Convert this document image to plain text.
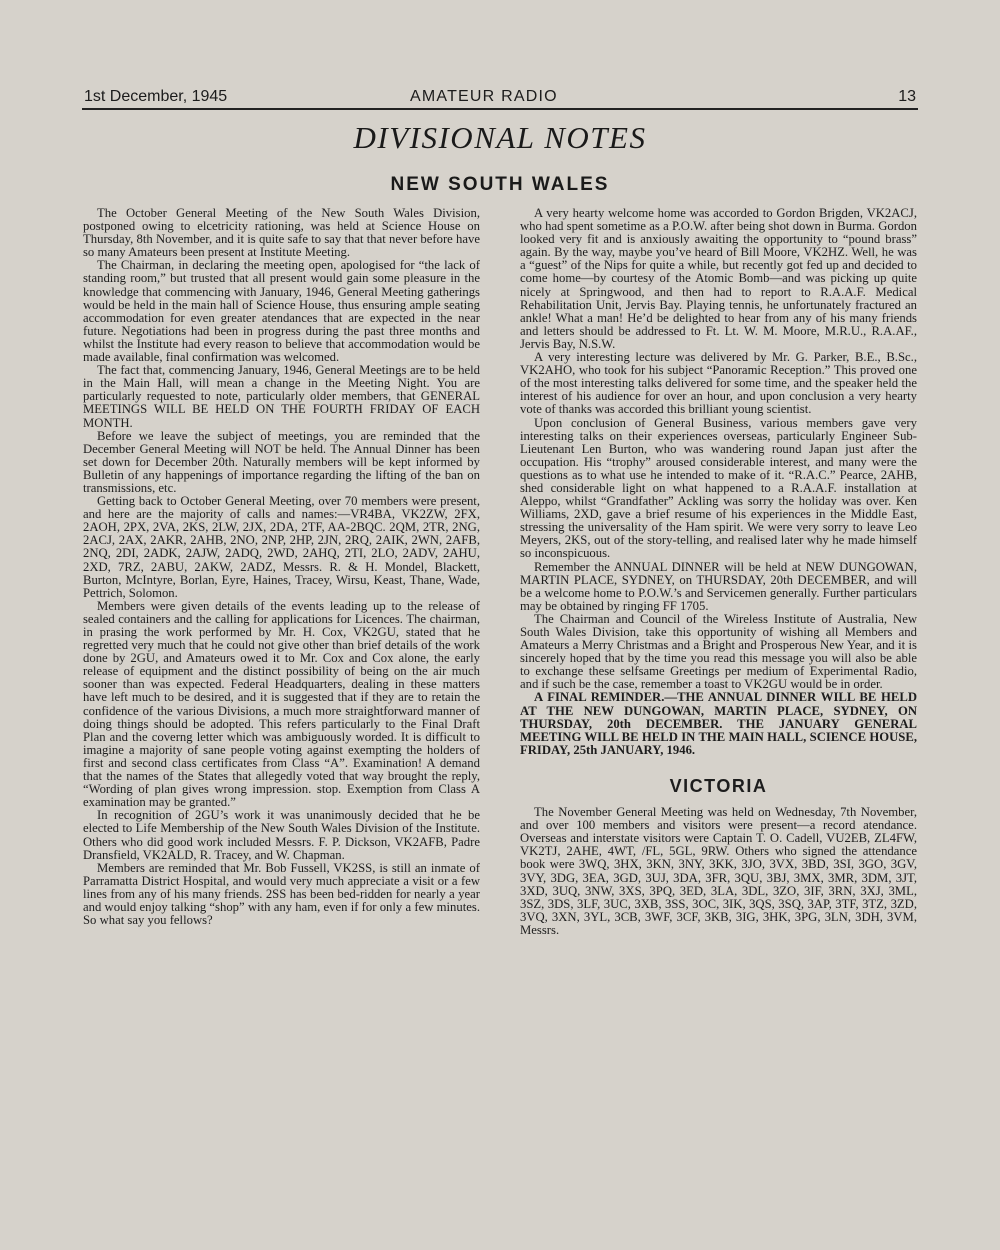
1st December, 1945	AMATEUR RADIO	13
DIVISIONAL NOTES
NEW SOUTH WALES

The October General Meeting of the New South Wales Division, postponed owing to elcetricity rationing, was held at Science House on Thursday, 8th November, and it is quite safe to say that that never before have so many Amateurs been present at Institute Meeting.

The Chairman, in declaring the meeting open, apologised for “the lack of standing room,” but trusted that all present would gain some pleasure in the knowledge that commencing with January, 1946, General Meeting gatherings would be held in the main hall of Science House, thus ensuring ample seating accommodation for even greater atendances that are expected in the near future. Negotiations had been in progress during the past three months and whilst the Institute had every reason to believe that accommodation would be made available, final confirmation was welcomed.

The fact that, commencing January, 1946, General Meetings are to be held in the Main Hall, will mean a change in the Meeting Night. You are particularly requested to note, particularly older members, that GENERAL MEETINGS WILL BE HELD ON THE FOURTH FRIDAY OF EACH MONTH.

Before we leave the subject of meetings, you are reminded that the December General Meeting will NOT be held. The Annual Dinner has been set down for December 20th. Naturally members will be kept informed by Bulletin of any happenings of importance regarding the lifting of the ban on transmissions, etc.

Getting back to October General Meeting, over 70 members were present, and here are the majority of calls and names:—VR4BA, VK2ZW, 2FX, 2AOH, 2PX, 2VA, 2KS, 2LW, 2JX, 2DA, 2TF, AA-2BQC. 2QM, 2TR, 2NG, 2ACJ, 2AX, 2AKR, 2AHB, 2NO, 2NP, 2HP, 2JN, 2RQ, 2AIK, 2WN, 2AFB, 2NQ, 2DI, 2ADK, 2AJW, 2ADQ, 2WD, 2AHQ, 2TI, 2LO, 2ADV, 2AHU, 2XD, 7RZ, 2ABU, 2AKW, 2ADZ, Messrs. R. & H. Mondel, Blackett, Burton, McIntyre, Borlan, Eyre, Haines, Tracey, Wirsu, Keast, Thane, Wade, Pettrich, Solomon.

Members were given details of the events leading up to the release of sealed containers and the calling for applications for Licences. The chairman, in prasing the work performed by Mr. H. Cox, VK2GU, stated that he regretted very much that he could not give other than brief details of the work done by 2GU, and Amateurs owed it to Mr. Cox and Cox alone, the early release of equipment and the distinct possibility of being on the air much sooner than was expected. Federal Headquarters, dealing in these matters have left much to be desired, and it is suggested that if they are to retain the confidence of the various Divisions, a much more straightforward manner of doing things should be adopted. This refers particularly to the Final Draft Plan and the coverng letter which was ambiguously worded. It is difficult to imagine a majority of sane people voting against exempting the holders of first and second class certificates from Class “A”. Examination! A demand that the names of the States that allegedly voted that way brought the reply, “Wording of plan gives wrong impression. stop. Exemption from Class A examination may be granted.”

In recognition of 2GU’s work it was unanimously decided that he be elected to Life Membership of the New South Wales Division of the Institute. Others who did good work included Messrs. F. P. Dickson, VK2AFB, Padre Dransfield, VK2ALD, R. Tracey, and W. Chapman.

Members are reminded that Mr. Bob Fussell, VK2SS, is still an inmate of Parramatta District Hospital, and would very much appreciate a visit or a few lines from any of his many friends. 2SS has been bed-ridden for nearly a year and would enjoy talking “shop” with any ham, even if for only a few minutes. So what say you fellows?

A very hearty welcome home was accorded to Gordon Brigden, VK2ACJ, who had spent sometime as a P.O.W. after being shot down in Burma. Gordon looked very fit and is anxiously awaiting the opportunity to “pound brass” again. By the way, maybe you’ve heard of Bill Moore, VK2HZ. Well, he was a “guest” of the Nips for quite a while, but recently got fed up and decided to come home—by courtesy of the Atomic Bomb—and was picking up quite nicely at Springwood, and then had to report to R.A.A.F. Medical Rehabilitation Unit, Jervis Bay. Playing tennis, he unfortunately fractured an ankle! What a man! He’d be delighted to hear from any of his many friends and letters should be addressed to Ft. Lt. W. M. Moore, M.R.U., R.A.AF., Jervis Bay, N.S.W.

A very interesting lecture was delivered by Mr. G. Parker, B.E., B.Sc., VK2AHO, who took for his subject “Panoramic Reception.” This proved one of the most interesting talks delivered for some time, and the speaker held the interest of his audience for over an hour, and upon conclusion a very hearty vote of thanks was accorded this brilliant young scientist.

Upon conclusion of General Business, various members gave very interesting talks on their experiences overseas, particularly Engineer Sub-Lieutenant Len Burton, who was wandering round Japan just after the occupation. His “trophy” aroused considerable interest, and many were the questions as to what use he intended to make of it. “R.A.C.” Pearce, 2AHB, shed considerable light on what happened to a R.A.A.F. installation at Aleppo, whilst “Grandfather” Ackling was sorry the holiday was over. Ken Williams, 2XD, gave a brief resume of his experiences in the Middle East, stressing the universality of the Ham spirit. We were very sorry to leave Leo Meyers, 2KS, out of the story-telling, and realised later why he made himself so inconspicuous.

Remember the ANNUAL DINNER will be held at NEW DUNGOWAN, MARTIN PLACE, SYDNEY, on THURSDAY, 20th DECEMBER, and will be a welcome home to P.O.W.’s and Servicemen generally. Further particulars may be obtained by ringing FF 1705.

The Chairman and Council of the Wireless Institute of Australia, New South Wales Division, take this opportunity of wishing all Members and Amateurs a Merry Christmas and a Bright and Prosperous New Year, and it is sincerely hoped that by the time you read this message you will also be able to exchange these selfsame Greetings per medium of Experimental Radio, and if such be the case, remember a toast to VK2GU would be in order.

A FINAL REMINDER.—THE ANNUAL DINNER WILL BE HELD AT THE NEW DUNGOWAN, MARTIN PLACE, SYDNEY, ON THURSDAY, 20th DECEMBER. THE JANUARY GENERAL MEETING WILL BE HELD IN THE MAIN HALL, SCIENCE HOUSE, FRIDAY, 25th JANUARY, 1946.

VICTORIA

The November General Meeting was held on Wednesday, 7th November, and over 100 members and visitors were present—a record atendance. Overseas and interstate visitors were Captain T. O. Cadell, VU2EB, ZL4FW, VK2TJ, 2AHE, 4WT, /FL, 5GL, 9RW. Others who signed the attendance book were 3WQ, 3HX, 3KN, 3NY, 3KK, 3JO, 3VX, 3BD, 3SI, 3GO, 3GV, 3VY, 3DG, 3EA, 3GD, 3UJ, 3DA, 3FR, 3QU, 3BJ, 3MX, 3MR, 3DM, 3JT, 3XD, 3UQ, 3NW, 3XS, 3PQ, 3ED, 3LA, 3DL, 3ZO, 3IF, 3RN, 3XJ, 3ML, 3SZ, 3DS, 3LF, 3UC, 3XB, 3SS, 3OC, 3IK, 3QS, 3SQ, 3AP, 3TF, 3TZ, 3ZD, 3VQ, 3XN, 3YL, 3CB, 3WF, 3CF, 3KB, 3IG, 3HK, 3PG, 3LN, 3DH, 3VM, Messrs.
